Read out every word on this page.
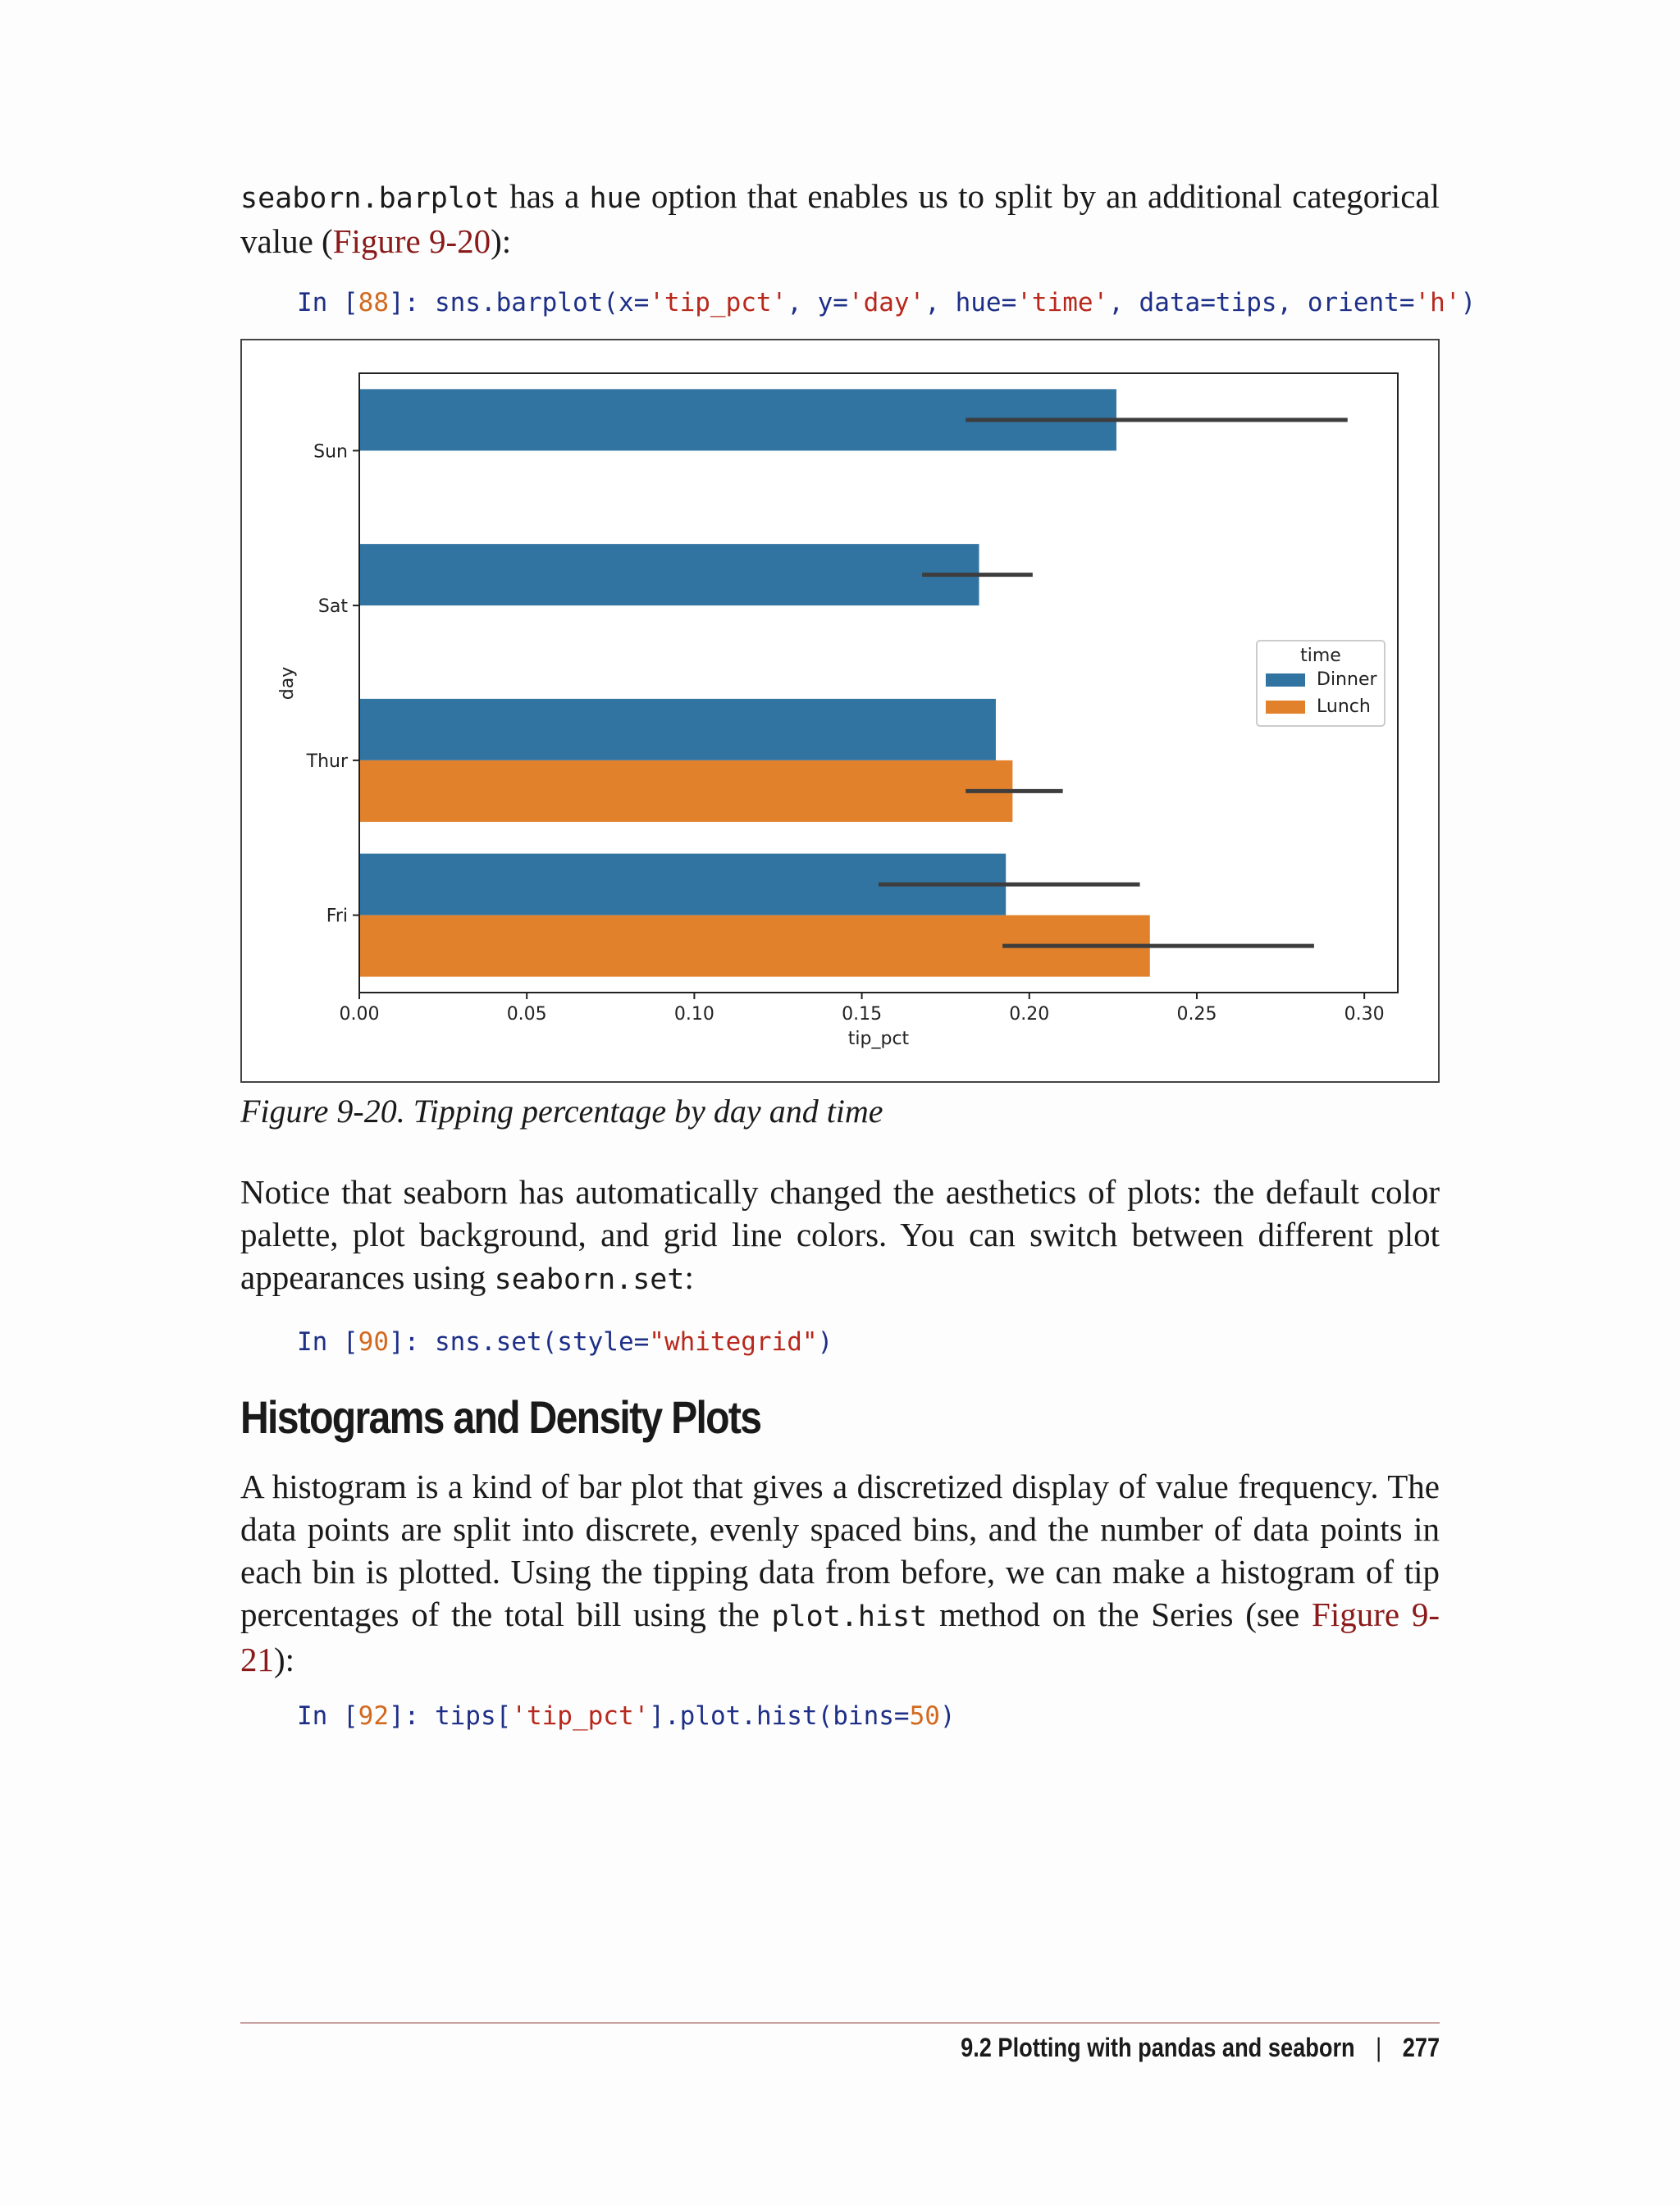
seaborn.barplot has a hue option that enables us to split by an additional categorical value (Figure 9-20):

In [88]: sns.barplot(x='tip_pct', y='day', hue='time', data=tips, orient='h')
Sun
Sat
Thur
Fri
0.00	0.05	0.10	0.15	0.20	0.25	0.30
tip_pct
day
time
Dinner
Lunch
Figure 9-20. Tipping percentage by day and time

Notice that seaborn has automatically changed the aesthetics of plots: the default color palette, plot background, and grid line colors. You can switch between different plot appearances using seaborn.set:

In [90]: sns.set(style="whitegrid")
Histograms and Density Plots

A histogram is a kind of bar plot that gives a discretized display of value frequency. The data points are split into discrete, evenly spaced bins, and the number of data points in each bin is plotted. Using the tipping data from before, we can make a histogram of tip percentages of the total bill using the plot.hist method on the Series (see Figure 9-21):

In [92]: tips['tip_pct'].plot.hist(bins=50)
9.2 Plotting with pandas and seaborn | 277
